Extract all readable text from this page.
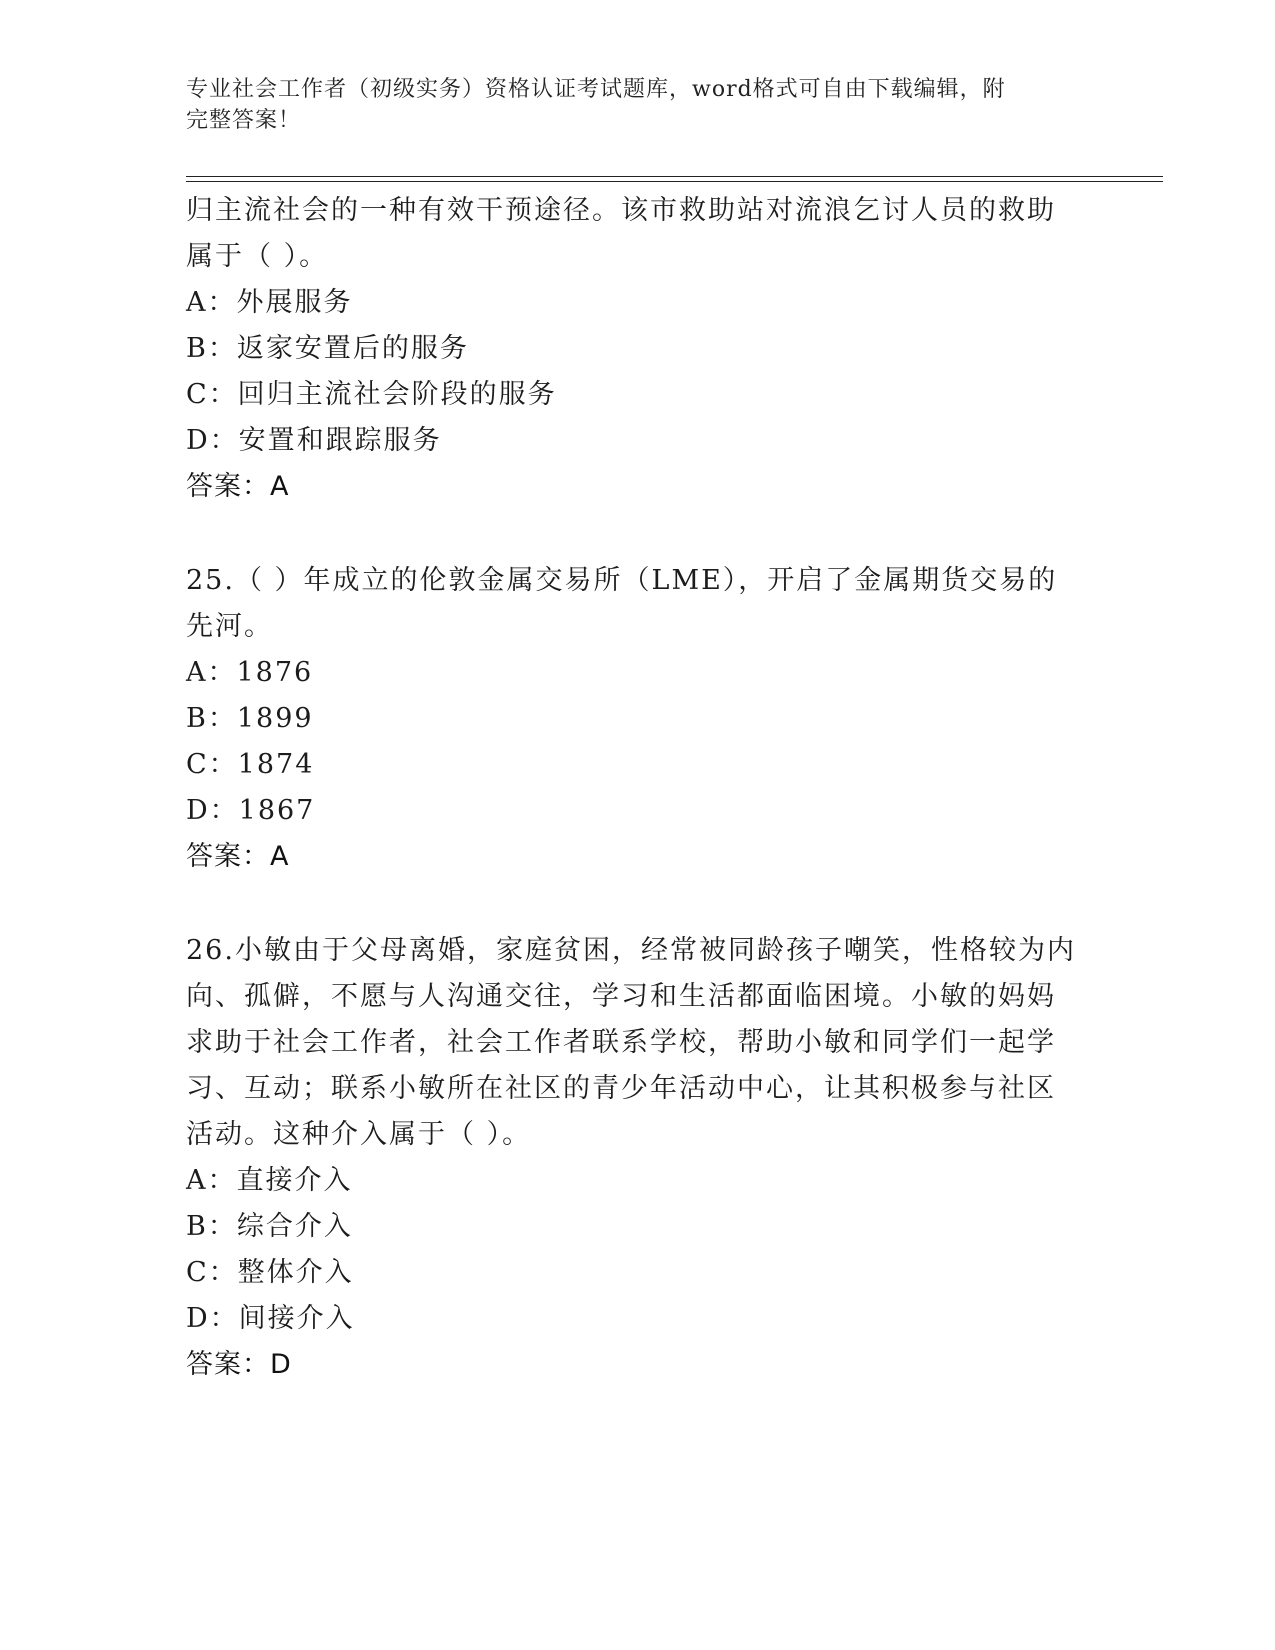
专业社会工作者（初级实务）资格认证考试题库，word格式可自由下载编辑，附
完整答案！
归主流社会的一种有效干预途径。该市救助站对流浪乞讨人员的救助
属于（ ）。
A：外展服务
B：返家安置后的服务
C：回归主流社会阶段的服务
D：安置和跟踪服务
答案：A
25.（ ）年成立的伦敦金属交易所（LME），开启了金属期货交易的
先河。
A：1876
B：1899
C：1874
D：1867
答案：A
26.小敏由于父母离婚，家庭贫困，经常被同龄孩子嘲笑，性格较为内
向、孤僻，不愿与人沟通交往，学习和生活都面临困境。小敏的妈妈
求助于社会工作者，社会工作者联系学校，帮助小敏和同学们一起学
习、互动；联系小敏所在社区的青少年活动中心，让其积极参与社区
活动。这种介入属于（ ）。
A：直接介入
B：综合介入
C：整体介入
D：间接介入
答案：D
